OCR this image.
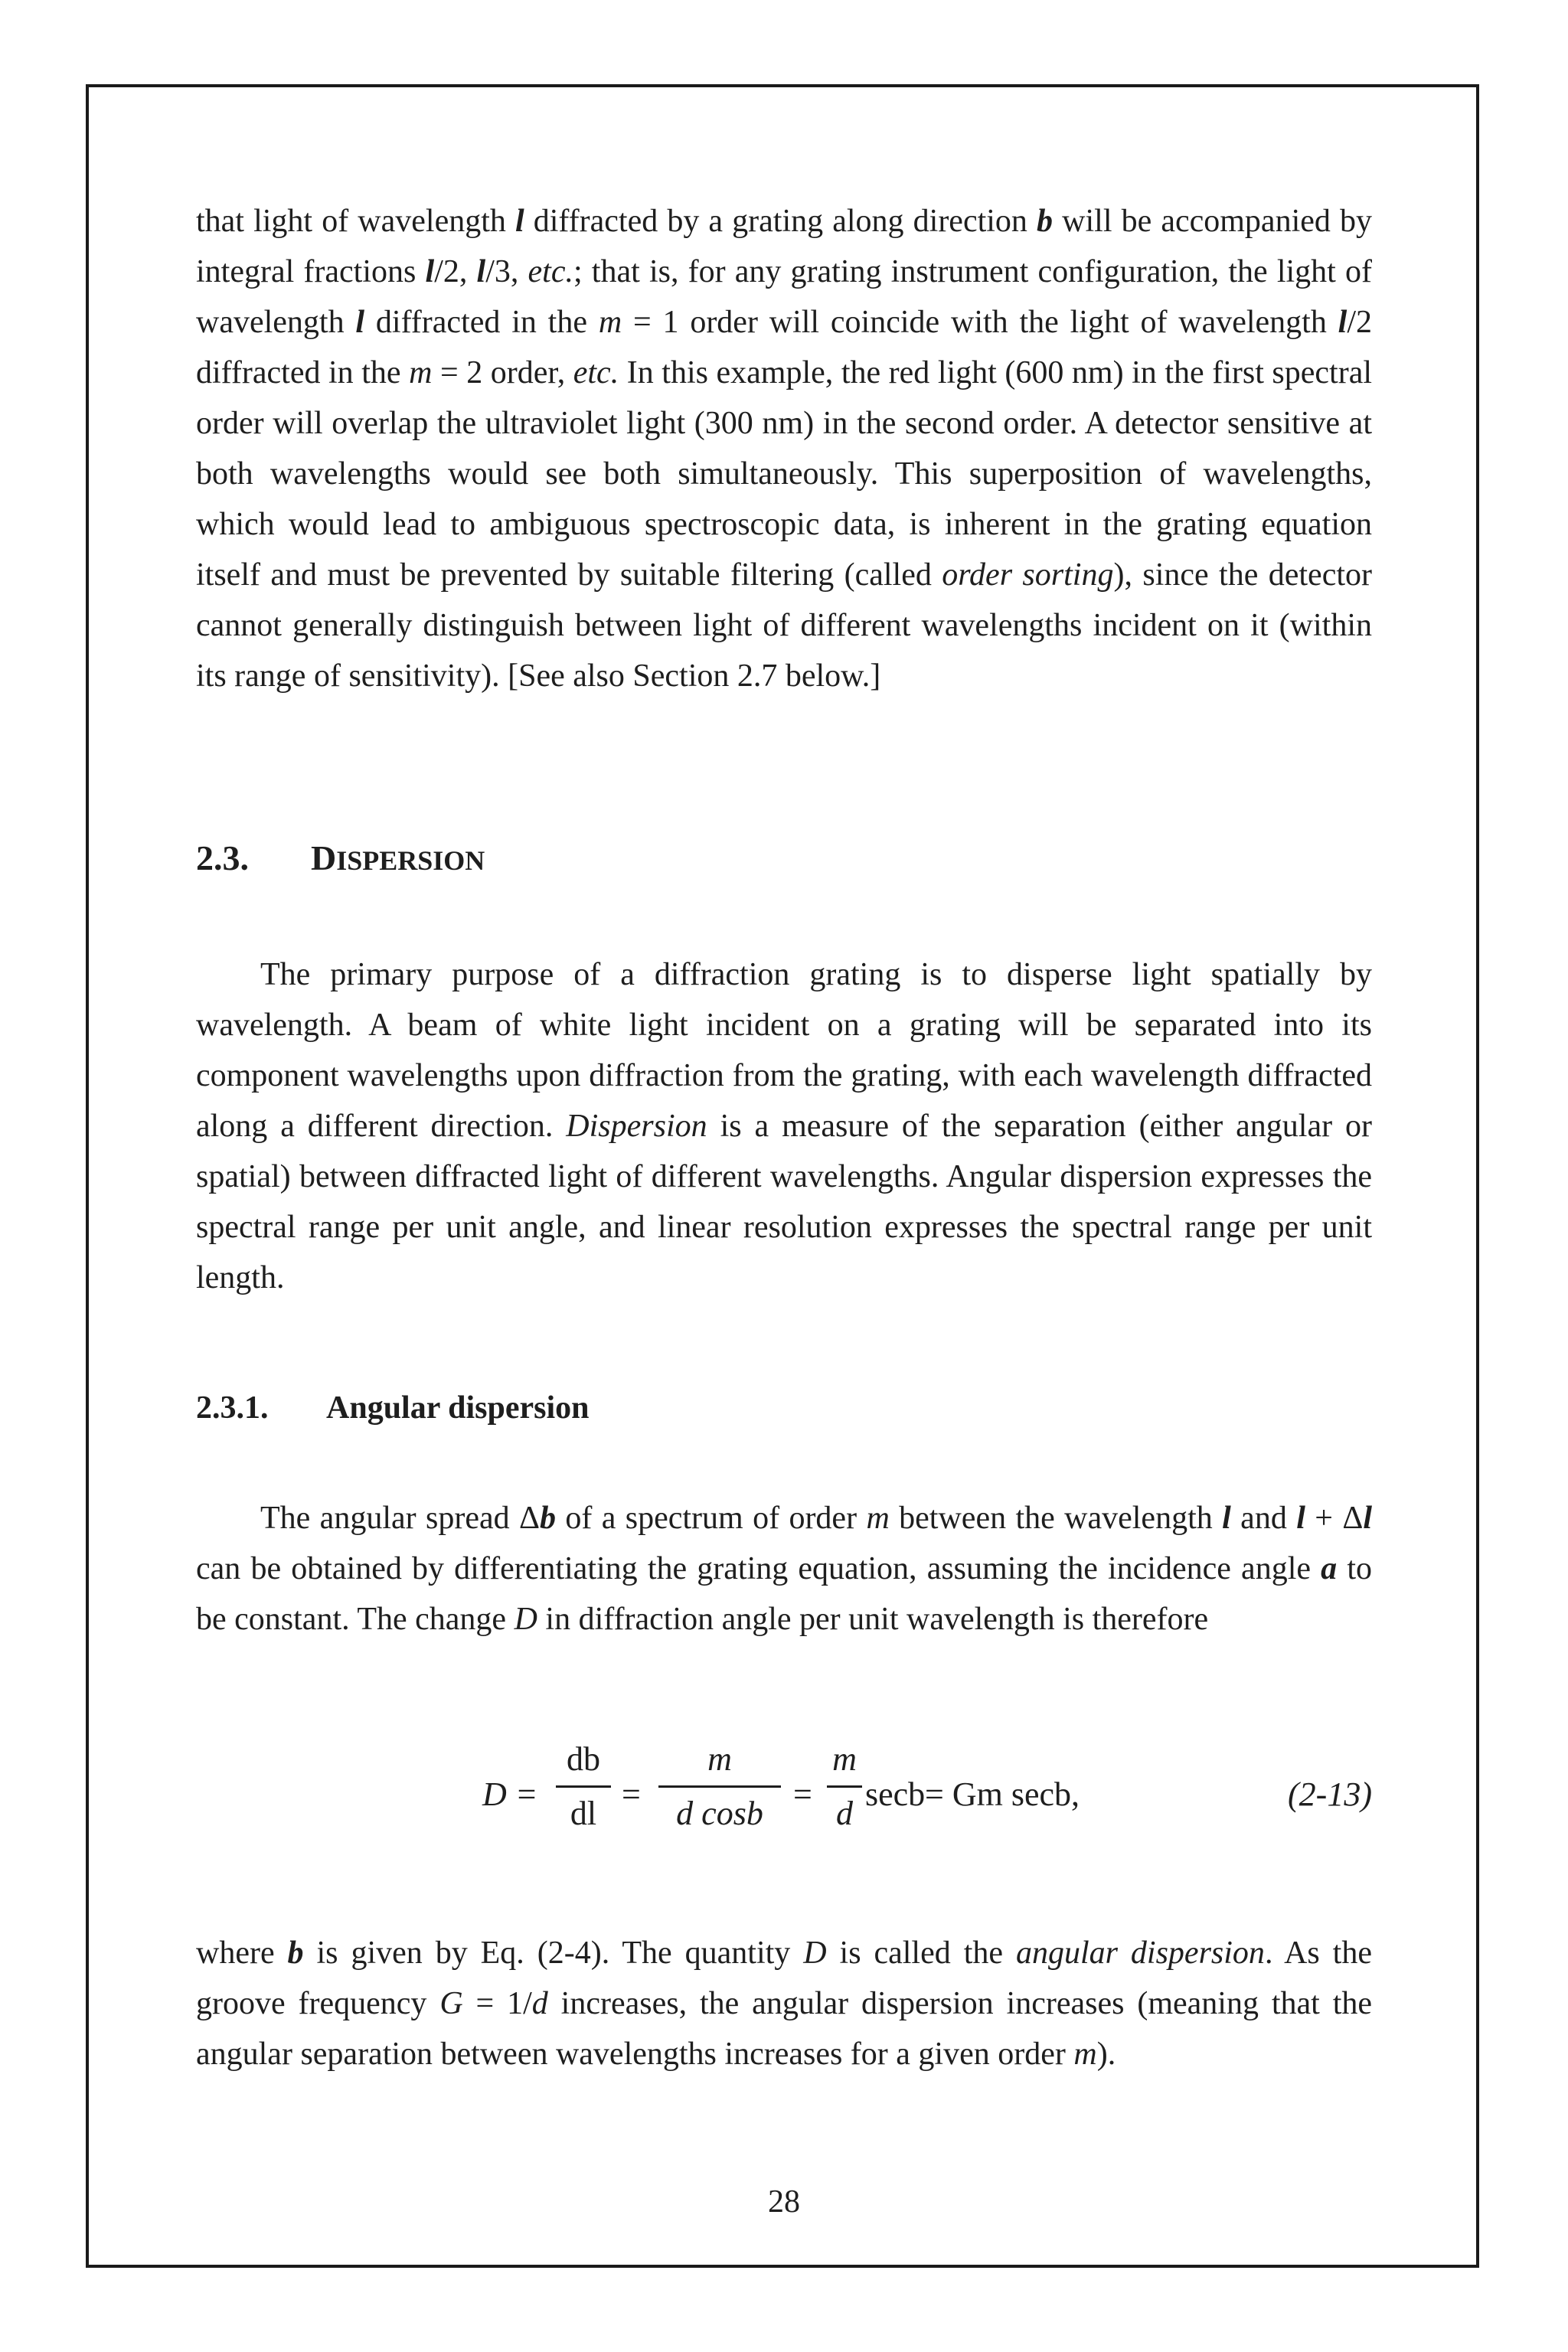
that light of wavelength l diffracted by a grating along direction b will be accompanied by integral fractions l/2, l/3, etc.; that is, for any grating instrument configuration, the light of wavelength l diffracted in the m = 1 order will coincide with the light of wavelength l/2 diffracted in the m = 2 order, etc. In this example, the red light (600 nm) in the first spectral order will overlap the ultraviolet light (300 nm) in the second order. A detector sensitive at both wavelengths would see both simultaneously. This superposition of wavelengths, which would lead to ambiguous spectroscopic data, is inherent in the grating equation itself and must be prevented by suitable filtering (called order sorting), since the detector cannot generally distinguish between light of different wavelengths incident on it (within its range of sensitivity). [See also Section 2.7 below.]

2.3. DISPERSION

The primary purpose of a diffraction grating is to disperse light spatially by wavelength. A beam of white light incident on a grating will be separated into its component wavelengths upon diffraction from the grating, with each wavelength diffracted along a different direction. Dispersion is a measure of the separation (either angular or spatial) between diffracted light of different wavelengths. Angular dispersion expresses the spectral range per unit angle, and linear resolution expresses the spectral range per unit length.

2.3.1. Angular dispersion

The angular spread Δb of a spectrum of order m between the wavelength l and l + Δl can be obtained by differentiating the grating equation, assuming the incidence angle a to be constant. The change D in diffraction angle per unit wavelength is therefore

D =
db
dl
=
m
d cosb
=
m
d
secb = Gm secb,	(2-13)

where b is given by Eq. (2-4). The quantity D is called the angular dispersion. As the groove frequency G = 1/d increases, the angular dispersion increases (meaning that the angular separation between wavelengths increases for a given order m).

28
